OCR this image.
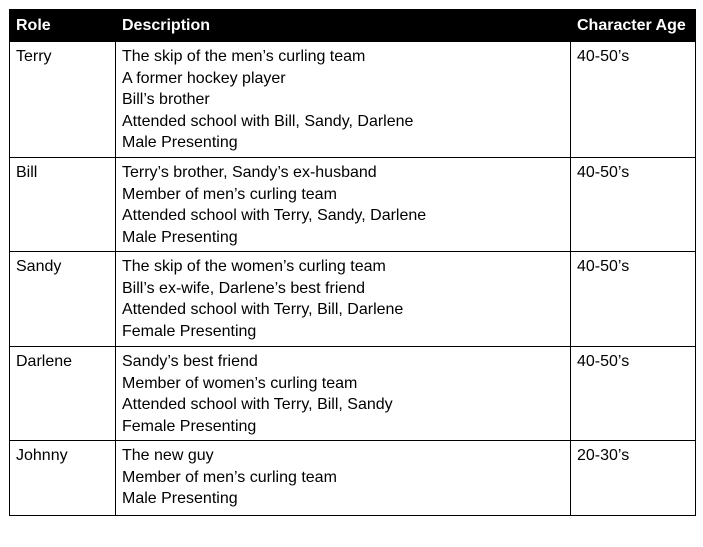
Role	Description	Character Age
Terry	The skip of the men’s curling team
A former hockey player
Bill’s brother
Attended school with Bill, Sandy, Darlene
Male Presenting	40-50’s
Bill	Terry’s brother, Sandy’s ex-husband
Member of men’s curling team
Attended school with Terry, Sandy, Darlene
Male Presenting	40-50’s
Sandy	The skip of the women’s curling team
Bill’s ex-wife, Darlene’s best friend
Attended school with Terry, Bill, Darlene
Female Presenting	40-50’s
Darlene	Sandy’s best friend
Member of women’s curling team
Attended school with Terry, Bill, Sandy
Female Presenting	40-50’s
Johnny	The new guy
Member of men’s curling team
Male Presenting	20-30’s
